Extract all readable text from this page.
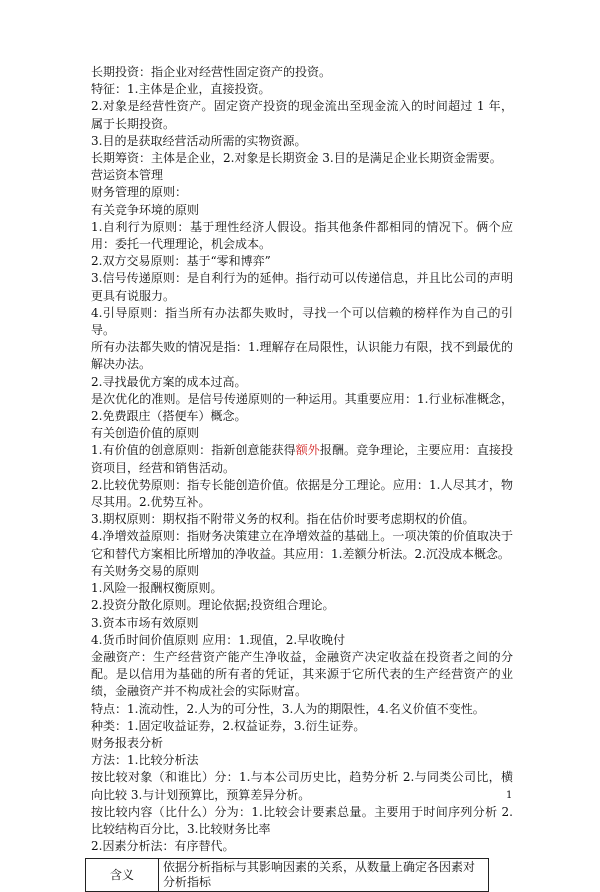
长期投资：指企业对经营性固定资产的投资。

特征：1.主体是企业，直接投资。

2.对象是经营性资产。固定资产投资的现金流出至现金流入的时间超过 1 年，属于长期投资。

3.目的是获取经营活动所需的实物资源。

长期筹资：主体是企业，2.对象是长期资金 3.目的是满足企业长期资金需要。

营运资本管理

财务管理的原则：

有关竞争环境的原则

1.自利行为原则：基于理性经济人假设。指其他条件都相同的情况下。俩个应用：委托一代理理论，机会成本。

2.双方交易原则：基于“零和博弈”

3.信号传递原则：是自利行为的延伸。指行动可以传递信息，并且比公司的声明更具有说服力。

4.引导原则：指当所有办法都失败时，寻找一个可以信赖的榜样作为自己的引导。

所有办法都失败的情况是指：1.理解存在局限性，认识能力有限，找不到最优的解决办法。

2.寻找最优方案的成本过高。

是次优化的准则。是信号传递原则的一种运用。其重要应用：1.行业标准概念，2.免费跟庄（搭便车）概念。

有关创造价值的原则

1.有价值的创意原则：指新创意能获得额外报酬。竞争理论，主要应用：直接投资项目，经营和销售活动。

2.比较优势原则：指专长能创造价值。依据是分工理论。应用：1.人尽其才，物尽其用。2.优势互补。

3.期权原则：期权指不附带义务的权利。指在估价时要考虑期权的价值。

4.净增效益原则：指财务决策建立在净增效益的基础上。一项决策的价值取决于它和替代方案相比所增加的净收益。其应用：1.差额分析法。2.沉没成本概念。

有关财务交易的原则

1.风险一报酬权衡原则。

2.投资分散化原则。理论依据;投资组合理论。

3.资本市场有效原则

4.货币时间价值原则 应用：1.现值，2.早收晚付

金融资产：生产经营资产能产生净收益，金融资产决定收益在投资者之间的分配。是以信用为基础的所有者的凭证，其来源于它所代表的生产经营资产的业绩，金融资产并不构成社会的实际财富。

特点：1.流动性，2.人为的可分性，3.人为的期限性，4.名义价值不变性。

种类：1.固定收益证券，2.权益证券，3.衍生证券。

财务报表分析

方法：1.比较分析法

按比较对象（和谁比）分：1.与本公司历史比，趋势分析 2.与同类公司比，横向比较 3.与计划预算比，预算差异分析。

按比较内容（比什么）分为：1.比较会计要素总量。主要用于时间序列分析 2.比较结构百分比，3.比较财务比率

2.因素分析法：有序替代。

含义	依据分析指标与其影响因素的关系，从数量上确定各因素对分析指标
1
